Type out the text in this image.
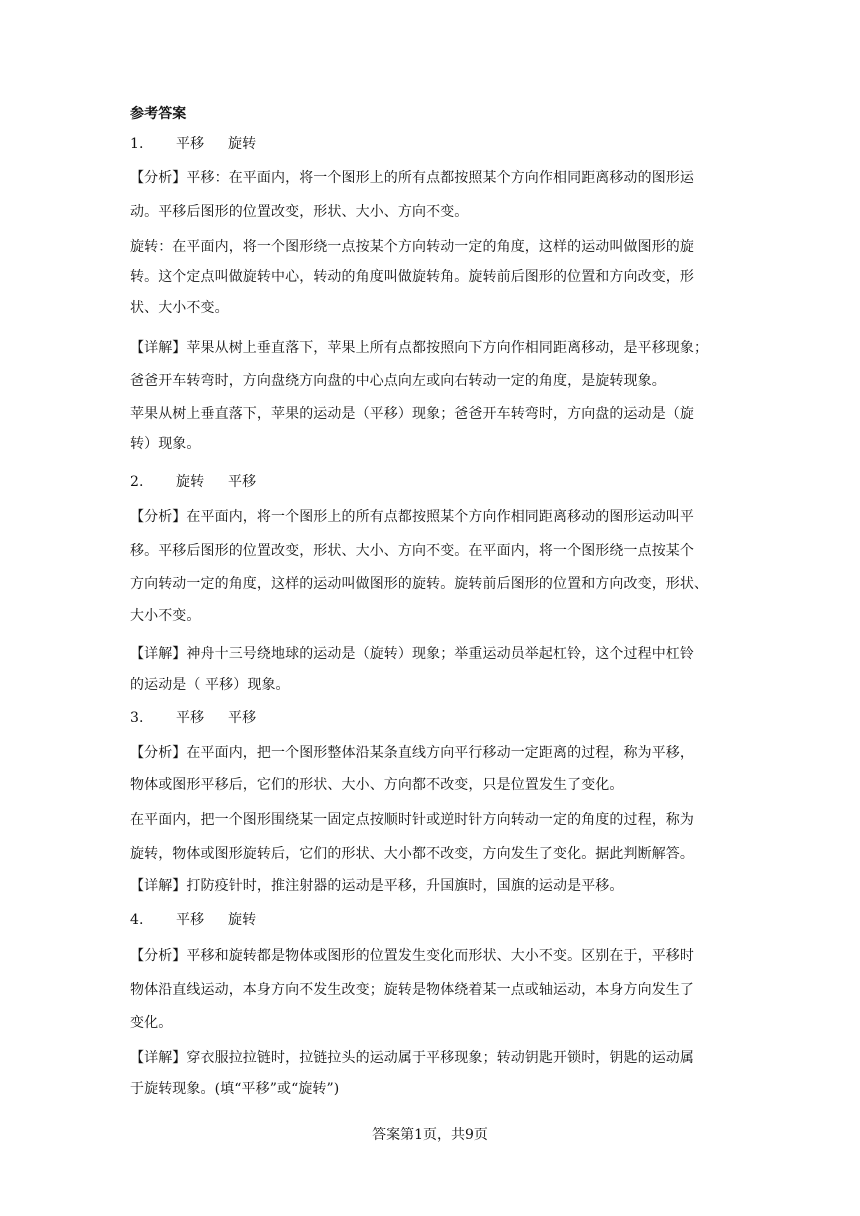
参考答案
1. 平移 旋转
【分析】平移：在平面内，将一个图形上的所有点都按照某个方向作相同距离移动的图形运
动。平移后图形的位置改变，形状、大小、方向不变。
旋转：在平面内，将一个图形绕一点按某个方向转动一定的角度，这样的运动叫做图形的旋
转。这个定点叫做旋转中心，转动的角度叫做旋转角。旋转前后图形的位置和方向改变，形
状、大小不变。
【详解】苹果从树上垂直落下，苹果上所有点都按照向下方向作相同距离移动，是平移现象；
爸爸开车转弯时，方向盘绕方向盘的中心点向左或向右转动一定的角度，是旋转现象。
苹果从树上垂直落下，苹果的运动是（平移）现象；爸爸开车转弯时，方向盘的运动是（旋
转）现象。
2. 旋转 平移
【分析】在平面内，将一个图形上的所有点都按照某个方向作相同距离移动的图形运动叫平
移。平移后图形的位置改变，形状、大小、方向不变。在平面内，将一个图形绕一点按某个
方向转动一定的角度，这样的运动叫做图形的旋转。旋转前后图形的位置和方向改变，形状、
大小不变。
【详解】神舟十三号绕地球的运动是（旋转）现象；举重运动员举起杠铃，这个过程中杠铃
的运动是（ 平移）现象。
3. 平移 平移
【分析】在平面内，把一个图形整体沿某条直线方向平行移动一定距离的过程，称为平移，
物体或图形平移后，它们的形状、大小、方向都不改变，只是位置发生了变化。
在平面内，把一个图形围绕某一固定点按顺时针或逆时针方向转动一定的角度的过程，称为
旋转，物体或图形旋转后，它们的形状、大小都不改变，方向发生了变化。据此判断解答。
【详解】打防疫针时，推注射器的运动是平移，升国旗时，国旗的运动是平移。
4. 平移 旋转
【分析】平移和旋转都是物体或图形的位置发生变化而形状、大小不变。区别在于，平移时
物体沿直线运动，本身方向不发生改变；旋转是物体绕着某一点或轴运动，本身方向发生了
变化。
【详解】穿衣服拉拉链时，拉链拉头的运动属于平移现象；转动钥匙开锁时，钥匙的运动属
于旋转现象。(填“平移”或“旋转”)
答案第1页，共9页
